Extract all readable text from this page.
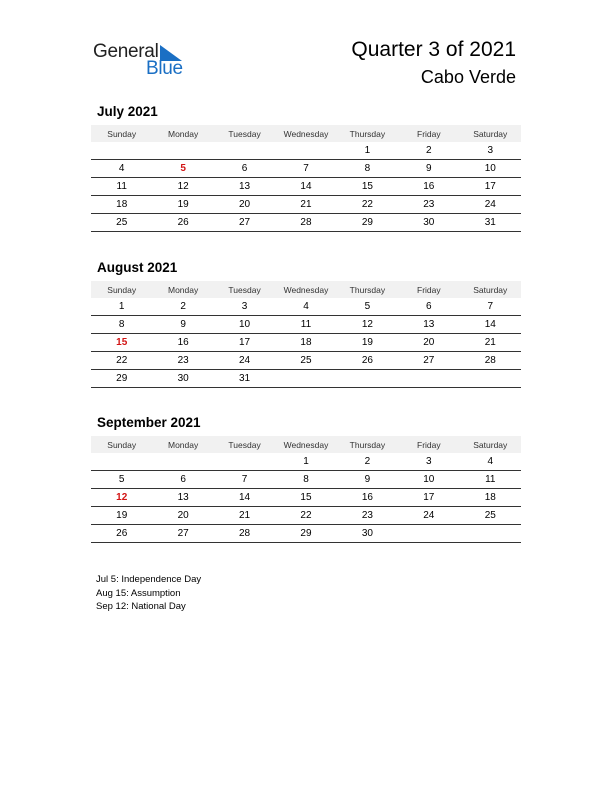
General
Blue
Quarter 3 of 2021
Cabo Verde
July 2021
Sunday	Monday	Tuesday	Wednesday	Thursday	Friday	Saturday
				1	2	3
4	5	6	7	8	9	10
11	12	13	14	15	16	17
18	19	20	21	22	23	24
25	26	27	28	29	30	31
August 2021
Sunday	Monday	Tuesday	Wednesday	Thursday	Friday	Saturday
1	2	3	4	5	6	7
8	9	10	11	12	13	14
15	16	17	18	19	20	21
22	23	24	25	26	27	28
29	30	31				
September 2021
Sunday	Monday	Tuesday	Wednesday	Thursday	Friday	Saturday
			1	2	3	4
5	6	7	8	9	10	11
12	13	14	15	16	17	18
19	20	21	22	23	24	25
26	27	28	29	30		
Jul 5: Independence Day
Aug 15: Assumption
Sep 12: National Day
